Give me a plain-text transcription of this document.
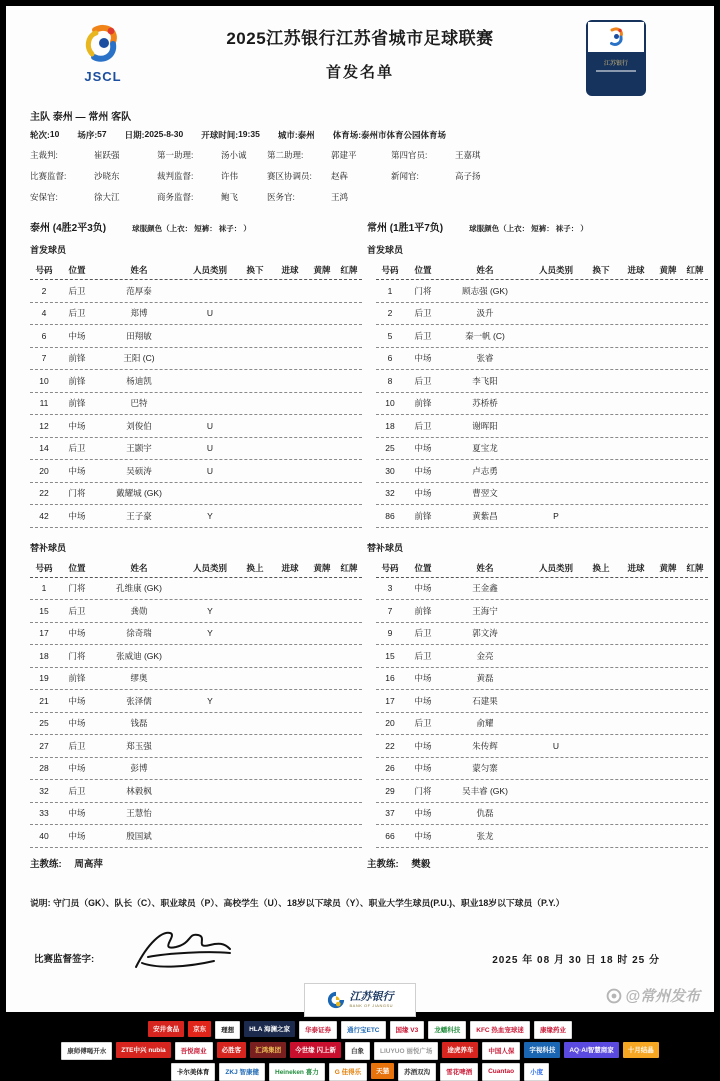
JSCL
2025江苏银行江苏省城市足球联赛
首发名单	江苏银行
主队 泰州 — 常州 客队
轮次: 10 场序: 57 日期: 2025-8-30 开球时间: 19:35 城市: 泰州 体育场: 泰州市体育公园体育场
主裁判:	崔跃强	第一助理:	汤小诚 第二助理:	郭建平	第四官员:	王嘉琪
比赛监督:	沙晓东	裁判监督:	许伟	赛区协调员:	赵犇	新闻官:	高子扬
安保官:	徐大江	商务监督:	鲍飞	医务官:	王鸿
泰州 (4胜2平3负)	球服颜色（上衣： 短裤： 袜子： ）	常州 (1胜1平7负)	球服颜色（上衣： 短裤： 袜子： ）
首发球员	首发球员
号码	位置	姓名	人员类别	换下	进球	黄牌	红牌
2	后卫	范厚泰
4	后卫	郑博	U
6	中场	田翔敏
7	前锋	王阳 (C)
10	前锋	杨迪凯
11	前锋	巴特
12	中场	刘俊伯	U
14	后卫	王颢宇	U
20	中场	吴硕涛	U
22	门将	戴耀城 (GK)
42	中场	王子豪	Y
号码	位置	姓名	人员类别	换下	进球	黄牌	红牌
1	门将	顾志强 (GK)
2	后卫	汲升
5	后卫	秦一帆 (C)
6	中场	张睿
8	后卫	李飞阳
10	前锋	苏桥桥
18	后卫	谢晖阳
25	中场	夏宝龙
30	中场	卢志勇
32	中场	曹翌文
86	前锋	黄紫昌	P
替补球员	替补球员
号码	位置	姓名	人员类别	换上	进球	黄牌	红牌
1	门将	孔维康 (GK)
15	后卫	龚勋	Y
17	中场	徐奇瑞	Y
18	门将	张威迪 (GK)
19	前锋	缪奥
21	中场	张泽儒	Y
25	中场	钱磊
27	后卫	郑玉强
28	中场	彭博
32	后卫	林毅枫
33	中场	王慧怡
40	中场	殷国斌
号码	位置	姓名	人员类别	换上	进球	黄牌	红牌
3	中场	王金鑫
7	前锋	王海宁
9	后卫	郭文涛
15	后卫	金亮
16	中场	黄磊
17	中场	石建果
20	后卫	俞耀
22	中场	朱传辉	U
26	中场	蒙匀寨
29	门将	吴丰睿 (GK)
37	中场	仇磊
66	中场	张龙
主教练: 周高萍	主教练: 樊毅
说明: 守门员（GK）、队长（C）、职业球员（P）、高校学生（U）、18岁以下球员（Y）、职业大学生球员(P.U.)、职业18岁以下球员（P.Y.）
比赛监督签字:	2025 年 08 月 30 日 18 时 25 分
江苏银行
BANK OF JIANGSU
安井食品	京东	理想	HLA 海澜之家	华泰证券	通行宝ETC	国缘 V3	龙蟠科技	KFC 热血宠球迷	康缘药业
康师傅喝开水	ZTE中兴 nubia	吾悦商业	必胜客	汇鸿集团	今世缘 闪上新	白象	LIUYUO 丽悦广场	途虎养车	中国人保	字视科技	AQ·AI智慧商家	十月结晶
卡尔美体育	ZKJ 智康健	Heineken 喜力	G 佳得乐	天猫	苏酒双沟	雪花啤酒	Cuantao	小度
@常州发布
